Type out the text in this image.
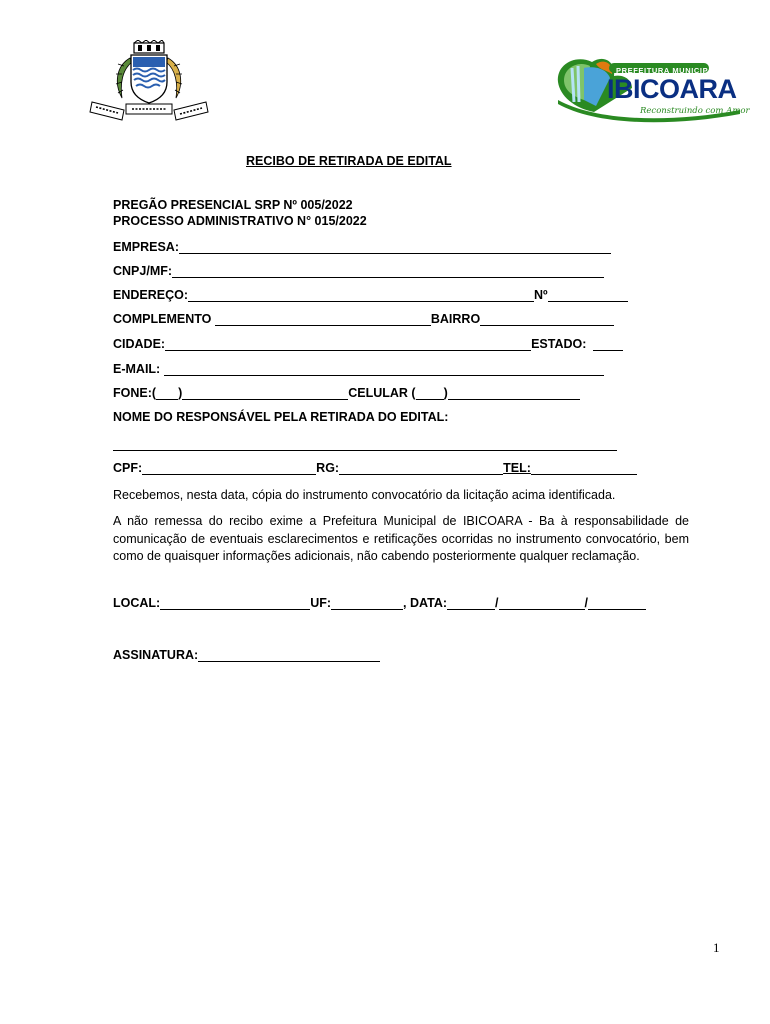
PREFEITURA MUNICIPAL
IBICOARA
Reconstruindo com Amor
RECIBO DE RETIRADA DE EDITAL
PREGÃO PRESENCIAL SRP Nº 005/2022
PROCESSO ADMINISTRATIVO N° 015/2022
EMPRESA:
CNPJ/MF:
ENDEREÇO:	Nº
COMPLEMENTO	BAIRRO
CIDADE:	ESTADO:
E-MAIL:
FONE:( )	CELULAR ( )
NOME DO RESPONSÁVEL PELA RETIRADA DO EDITAL:
CPF:	RG:	TEL:
Recebemos, nesta data, cópia do instrumento convocatório da licitação acima identificada.
A não remessa do recibo exime a Prefeitura Municipal de IBICOARA - Ba à responsabilidade de comunicação de eventuais esclarecimentos e retificações ocorridas no instrumento convocatório, bem como de quaisquer informações adicionais, não cabendo posteriormente qualquer reclamação.
LOCAL:	UF:	, DATA:	/	/
ASSINATURA:
1
